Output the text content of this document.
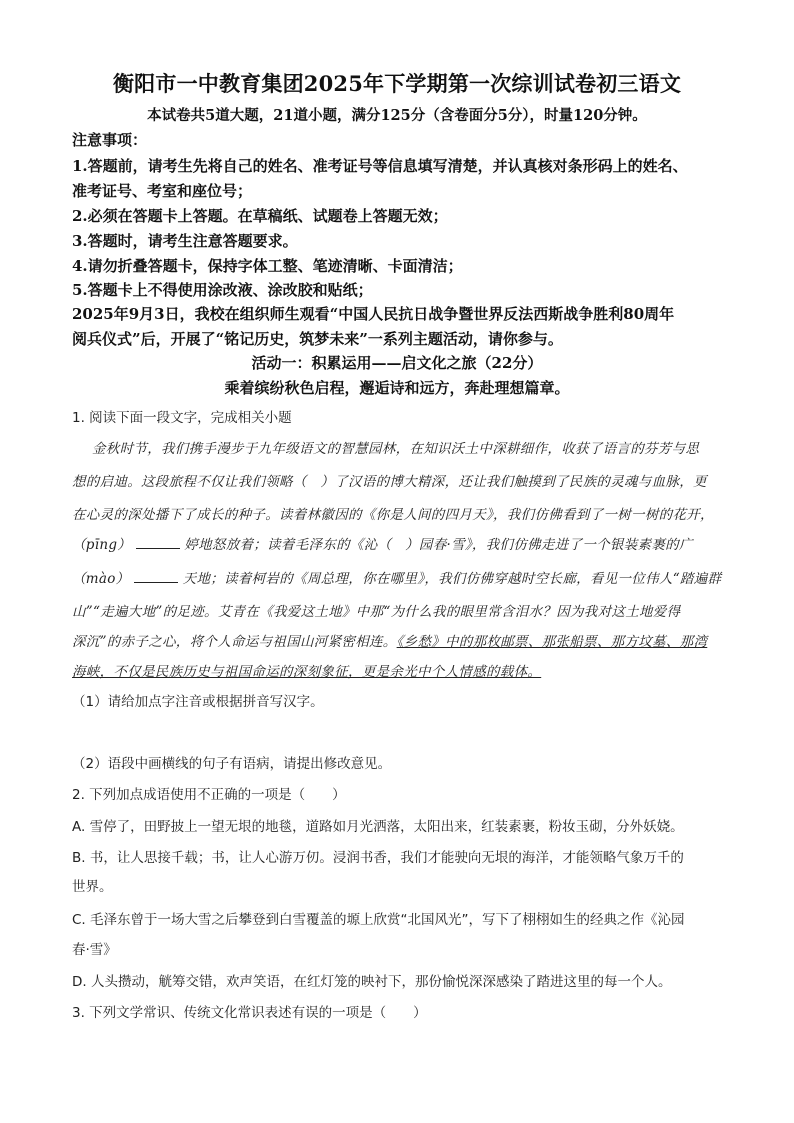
衡阳市一中教育集团2025年下学期第一次综训试卷初三语文
本试卷共5道大题，21道小题，满分125分（含卷面分5分），时量120分钟。
注意事项：
1.答题前，请考生先将自己的姓名、准考证号等信息填写清楚，并认真核对条形码上的姓名、
准考证号、考室和座位号；
2.必须在答题卡上答题。在草稿纸、试题卷上答题无效；
3.答题时，请考生注意答题要求。
4.请勿折叠答题卡，保持字体工整、笔迹清晰、卡面清洁；
5.答题卡上不得使用涂改液、涂改胶和贴纸；
2025年9月3日，我校在组织师生观看“中国人民抗日战争暨世界反法西斯战争胜利80周年
阅兵仪式”后，开展了“铭记历史，筑梦未来”一系列主题活动，请你参与。
活动一：积累运用——启文化之旅（22分）
乘着缤纷秋色启程，邂逅诗和远方，奔赴理想篇章。
1. 阅读下面一段文字，完成相关小题
金秋时节，我们携手漫步于九年级语文的智慧园林，在知识沃土中深耕细作，收获了语言的芬芳与思
想的启迪。这段旅程不仅让我们领略（　）了汉语的博大精深，还让我们触摸到了民族的灵魂与血脉，更
在心灵的深处播下了成长的种子。读着林徽因的《你是人间的四月天》，我们仿佛看到了一树一树的花开，
（pīng）	婷地怒放着；读着毛泽东的《沁（　）园春·雪》，我们仿佛走进了一个银装素裹的广
（mào）	天地；读着柯岩的《周总理，你在哪里》，我们仿佛穿越时空长廊，看见一位伟人“踏遍群
山”“走遍大地”的足迹。艾青在《我爱这土地》中那“为什么我的眼里常含泪水？因为我对这土地爱得
深沉”的赤子之心，将个人命运与祖国山河紧密相连。《乡愁》中的那枚邮票、那张船票、那方坟墓、那湾
海峡，不仅是民族历史与祖国命运的深刻象征，更是余光中个人情感的载体。
（1）请给加点字注音或根据拼音写汉字。
（2）语段中画横线的句子有语病，请提出修改意见。
2. 下列加点成语使用不正确的一项是（　　）
A. 雪停了，田野披上一望无垠的地毯，道路如月光洒落，太阳出来，红装素裹，粉妆玉砌，分外妖娆。
B. 书，让人思接千载；书，让人心游万仞。浸润书香，我们才能驶向无垠的海洋，才能领略气象万千的
世界。
C. 毛泽东曾于一场大雪之后攀登到白雪覆盖的塬上欣赏“北国风光”，写下了栩栩如生的经典之作《沁园
春·雪》
D. 人头攒动，觥筹交错，欢声笑语，在红灯笼的映衬下，那份愉悦深深感染了踏进这里的每一个人。
3. 下列文学常识、传统文化常识表述有误的一项是（　　）
